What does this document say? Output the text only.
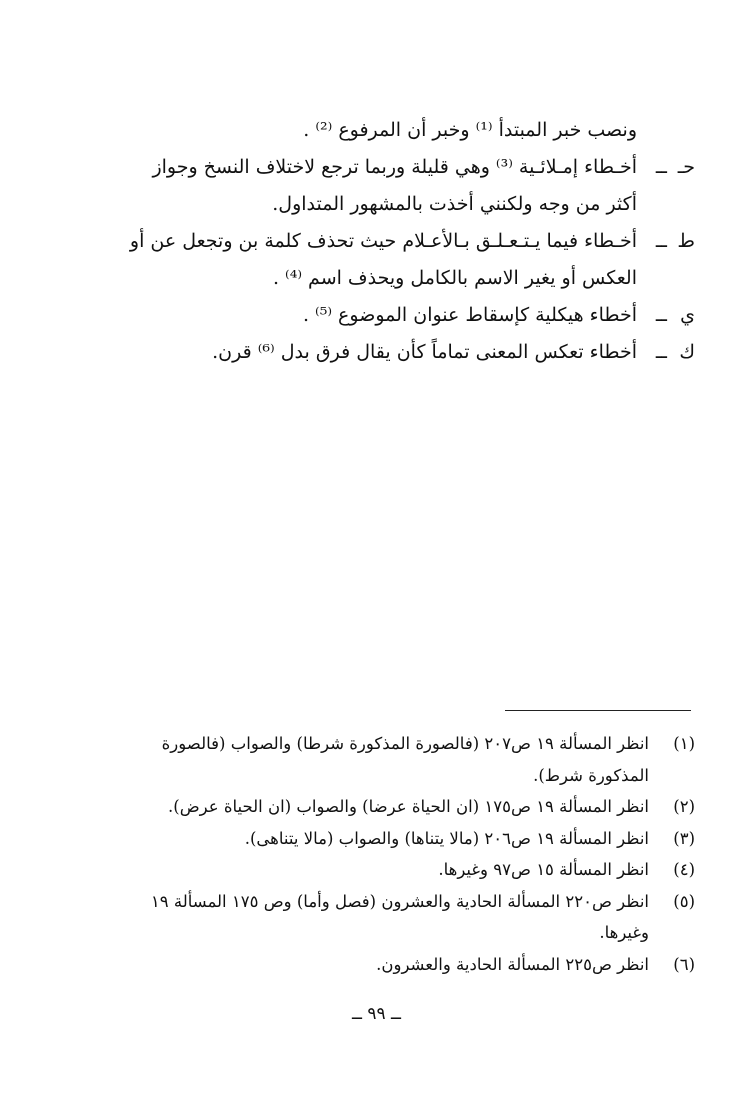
ونصب خبر المبتدأ ⁽¹⁾ وخبر أن المرفوع ⁽²⁾ .
حـــ
أخـطاء إمـلائـية ⁽³⁾ وهي قليلة وربما ترجع لاختلاف النسخ وجواز
أكثر من وجه ولكنني أخذت بالمشهور المتداول.
طــ
أخـطاء فيما يـتـعـلـق بـالأعـلام حيث تحذف كلمة بن وتجعل عن أو
العكس أو يغير الاسم بالكامل ويحذف اسم ⁽⁴⁾ .
يــ
أخطاء هيكلية كإسقاط عنوان الموضوع ⁽⁵⁾ .
كــ
أخطاء تعكس المعنى تماماً كأن يقال فرق بدل ⁽⁶⁾ قرن.
(١)
انظر المسألة ١٩ ص٢٠٧ (فالصورة المذكورة شرطا) والصواب (فالصورة
المذكورة شرط).
(٢)
انظر المسألة ١٩ ص١٧٥ (ان الحياة عرضا) والصواب (ان الحياة عرض).
(٣)
انظر المسألة ١٩ ص٢٠٦ (مالا يتناها) والصواب (مالا يتناهى).
(٤)
انظر المسألة ١٥ ص٩٧ وغيرها.
(٥)
انظر ص٢٢٠ المسألة الحادية والعشرون (فصل وأما) وص ١٧٥ المسألة ١٩
وغيرها.
(٦)
انظر ص٢٢٥ المسألة الحادية والعشرون.
ــ ٩٩ ــ
